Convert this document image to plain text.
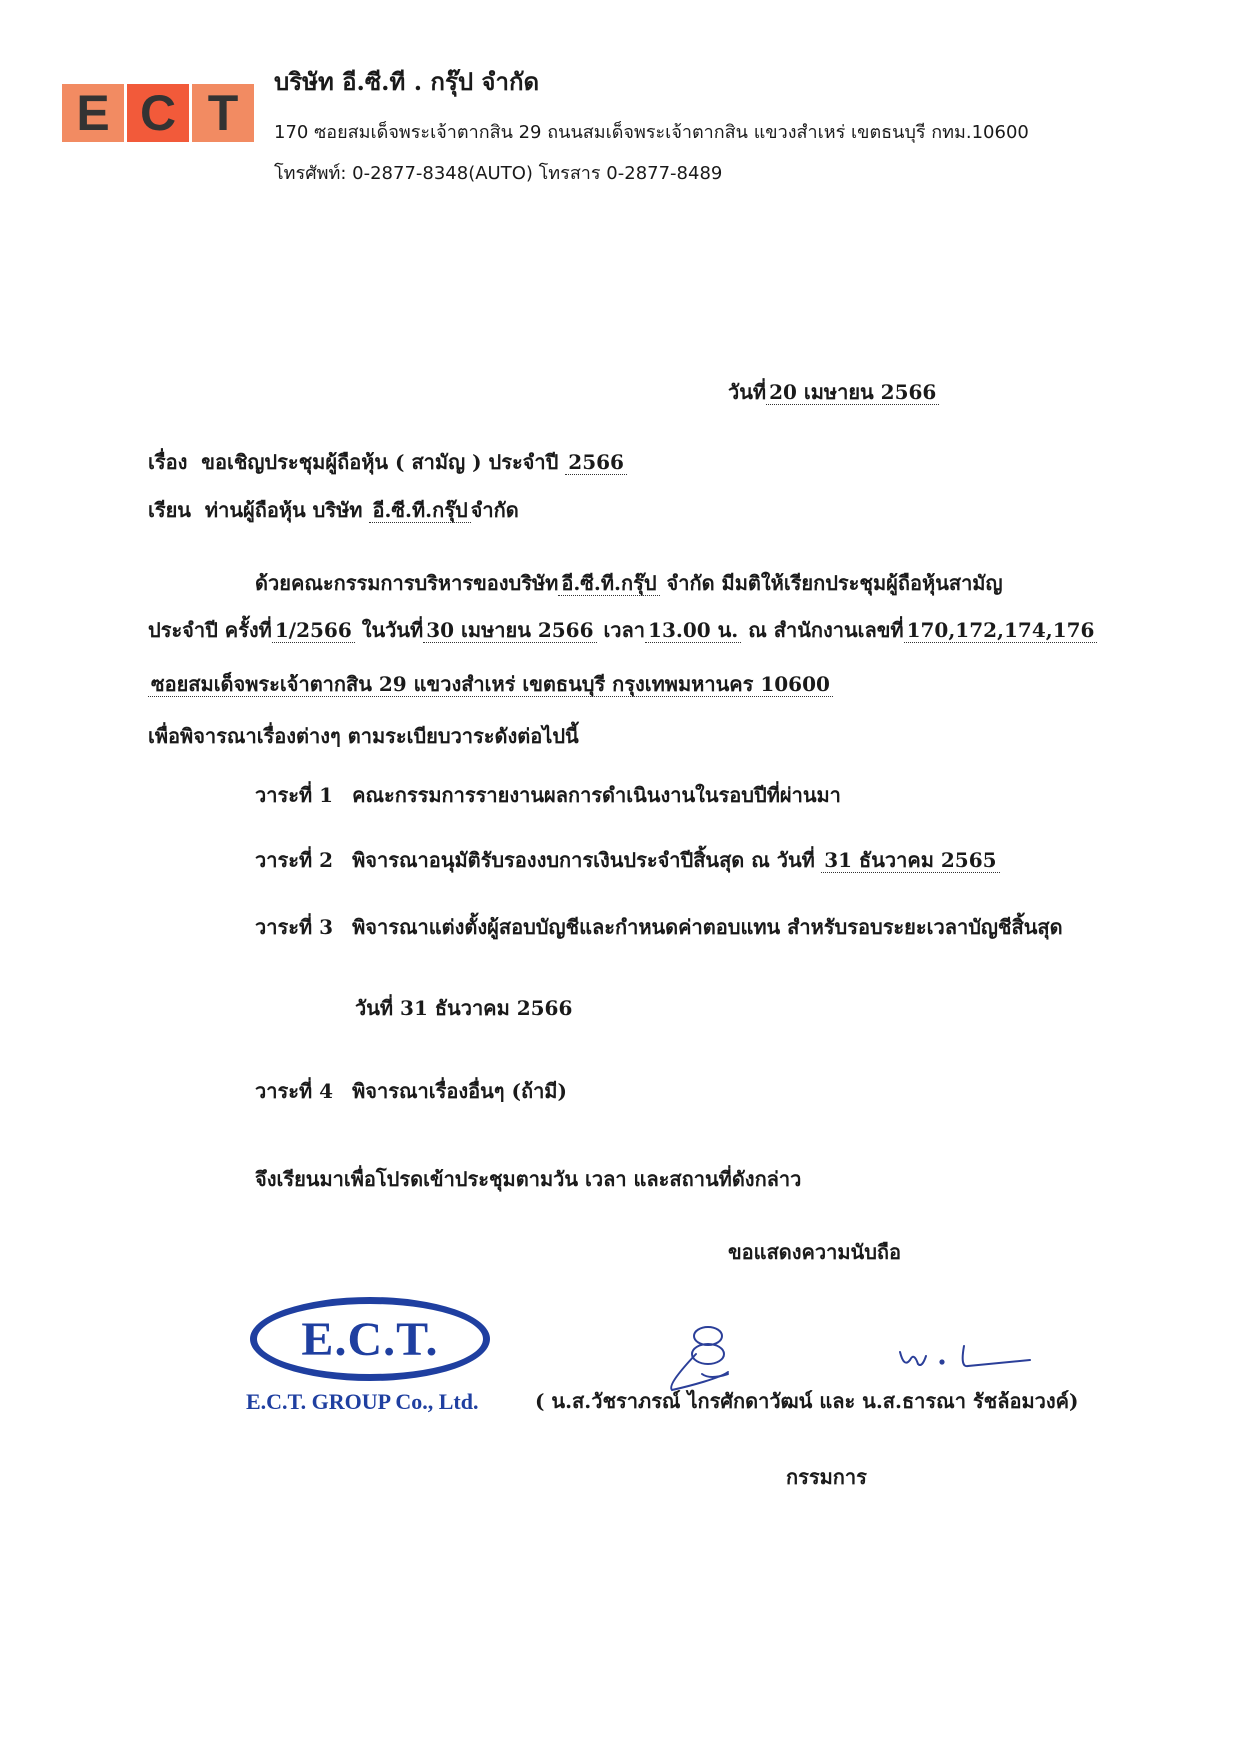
E C T
บริษัท อี.ซี.ที . กรุ๊ป จำกัด
170 ซอยสมเด็จพระเจ้าตากสิน 29 ถนนสมเด็จพระเจ้าตากสิน แขวงสำเหร่ เขตธนบุรี กทม.10600
โทรศัพท์: 0-2877-8348(AUTO) โทรสาร 0-2877-8489
วันที่ 20 เมษายน 2566
เรื่อง ขอเชิญประชุมผู้ถือหุ้น ( สามัญ ) ประจำปี 2566
เรียน ท่านผู้ถือหุ้น บริษัท อี.ซี.ที.กรุ๊ป จำกัด
ด้วยคณะกรรมการบริหารของบริษัท อี.ซี.ที.กรุ๊ป จำกัด มีมติให้เรียกประชุมผู้ถือหุ้นสามัญ
ประจำปี ครั้งที่ 1/2566 ในวันที่ 30 เมษายน 2566 เวลา 13.00 น. ณ สำนักงานเลขที่ 170,172,174,176
ซอยสมเด็จพระเจ้าตากสิน 29 แขวงสำเหร่ เขตธนบุรี กรุงเทพมหานคร 10600
เพื่อพิจารณาเรื่องต่างๆ ตามระเบียบวาระดังต่อไปนี้
วาระที่ 1 คณะกรรมการรายงานผลการดำเนินงานในรอบปีที่ผ่านมา
วาระที่ 2 พิจารณาอนุมัติรับรองงบการเงินประจำปีสิ้นสุด ณ วันที่ 31 ธันวาคม 2565
วาระที่ 3 พิจารณาแต่งตั้งผู้สอบบัญชีและกำหนดค่าตอบแทน สำหรับรอบระยะเวลาบัญชีสิ้นสุด
วันที่ 31 ธันวาคม 2566
วาระที่ 4 พิจารณาเรื่องอื่นๆ (ถ้ามี)
จึงเรียนมาเพื่อโปรดเข้าประชุมตามวัน เวลา และสถานที่ดังกล่าว
ขอแสดงความนับถือ
E.C.T.
E.C.T. GROUP Co., Ltd.	( น.ส.วัชราภรณ์ ไกรศักดาวัฒน์ และ น.ส.ธารณา รัชล้อมวงค์)
กรรมการ
